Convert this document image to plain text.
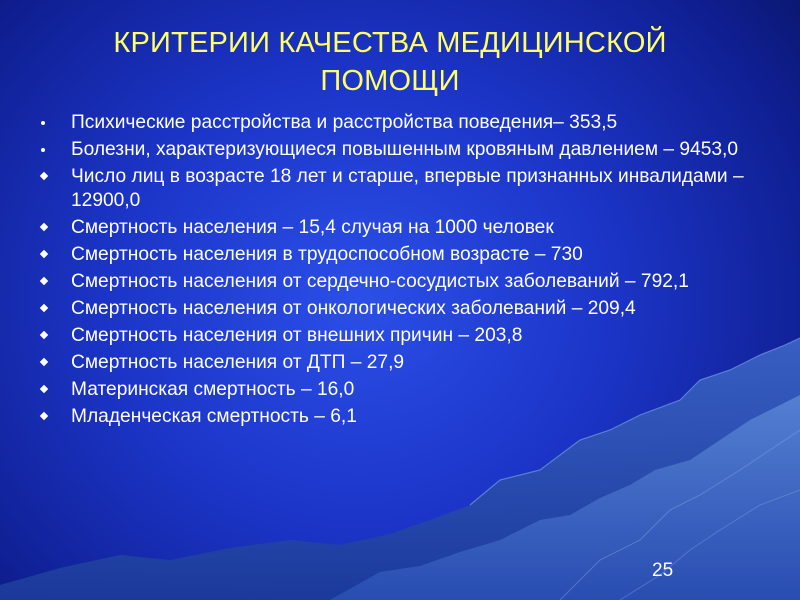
КРИТЕРИИ КАЧЕСТВА МЕДИЦИНСКОЙ
ПОМОЩИ
Психические расстройства и расстройства поведения– 353,5
Болезни, характеризующиеся повышенным кровяным давлением – 9453,0
Число лиц в возрасте 18 лет и старше, впервые признанных инвалидами – 12900,0
Смертность населения – 15,4 случая на 1000 человек
Смертность населения в трудоспособном возрасте – 730
Смертность населения от сердечно-сосудистых заболеваний – 792,1
Смертность населения от онкологических заболеваний – 209,4
Смертность населения от внешних причин – 203,8
Смертность населения от ДТП – 27,9
Материнская смертность – 16,0
Младенческая смертность – 6,1
25
